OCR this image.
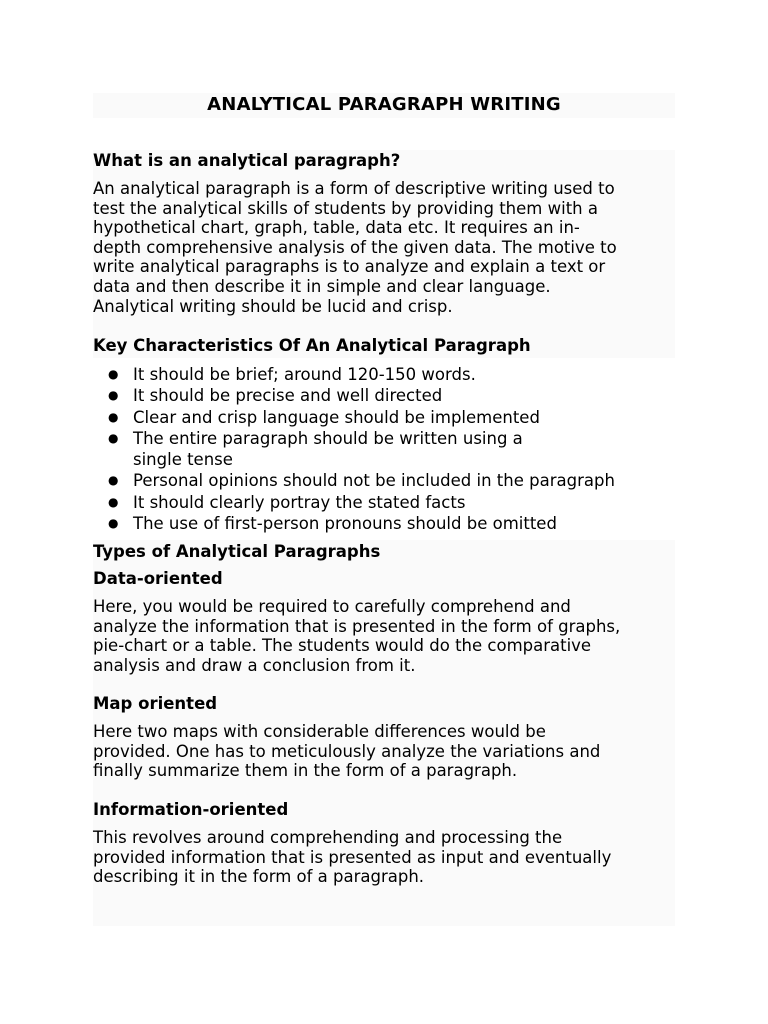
ANALYTICAL PARAGRAPH WRITING
What is an analytical paragraph?

An analytical paragraph is a form of descriptive writing used to
test the analytical skills of students by providing them with a
hypothetical chart, graph, table, data etc. It requires an in-
depth comprehensive analysis of the given data. The motive to
write analytical paragraphs is to analyze and explain a text or
data and then describe it in simple and clear language.
Analytical writing should be lucid and crisp.

Key Characteristics Of An Analytical Paragraph
● It should be brief; around 120-150 words.
● It should be precise and well directed
● Clear and crisp language should be implemented
● The entire paragraph should be written using a single tense
● Personal opinions should not be included in the paragraph
● It should clearly portray the stated facts
● The use of first-person pronouns should be omitted
Types of Analytical Paragraphs
Data-oriented

Here, you would be required to carefully comprehend and
analyze the information that is presented in the form of graphs,
pie-chart or a table. The students would do the comparative
analysis and draw a conclusion from it.

Map oriented

Here two maps with considerable differences would be
provided. One has to meticulously analyze the variations and
finally summarize them in the form of a paragraph.

Information-oriented

This revolves around comprehending and processing the
provided information that is presented as input and eventually
describing it in the form of a paragraph.
